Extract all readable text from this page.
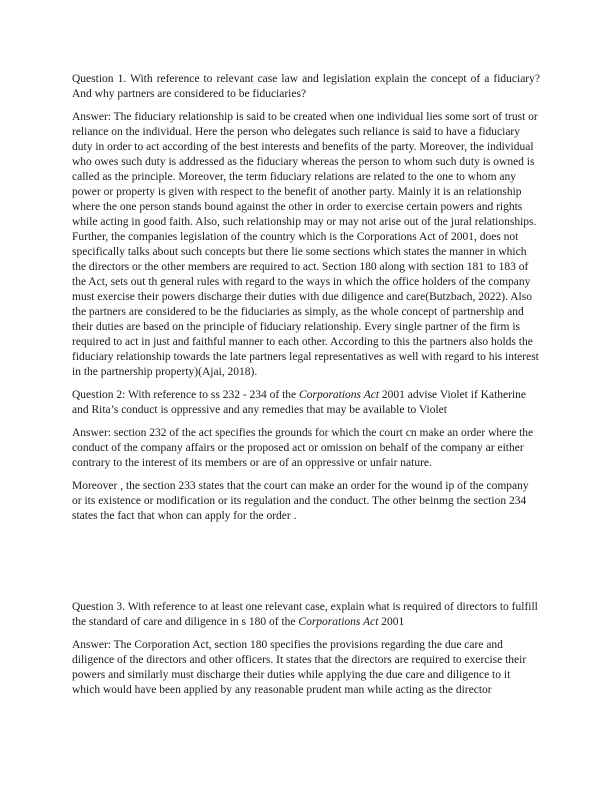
Question 1. With reference to relevant case law and legislation explain the concept of a fiduciary? And why partners are considered to be fiduciaries?

Answer: The fiduciary relationship is said to be created when one individual lies some sort of trust or reliance on the individual. Here the person who delegates such reliance is said to have a fiduciary duty in order to act according of the best interests and benefits of the party. Moreover, the individual who owes such duty is addressed as the fiduciary whereas the person to whom such duty is owned is called as the principle. Moreover, the term fiduciary relations are related to the one to whom any power or property is given with respect to the benefit of another party. Mainly it is an relationship where the one person stands bound against the other in order to exercise certain powers and rights while acting in good faith. Also, such relationship may or may not arise out of the jural relationships. Further, the companies legislation of the country which is the Corporations Act of 2001, does not specifically talks about such concepts but there lie some sections which states the manner in which the directors or the other members are required to act. Section 180 along with section 181 to 183 of the Act, sets out th general rules with regard to the ways in which the office holders of the company must exercise their powers discharge their duties with due diligence and care(Butzbach, 2022). Also the partners are considered to be the fiduciaries as simply, as the whole concept of partnership and their duties are based on the principle of fiduciary relationship. Every single partner of the firm is required to act in just and faithful manner to each other. According to this the partners also holds the fiduciary relationship towards the late partners legal representatives as well with regard to his interest in the partnership property)(Ajai, 2018).

Question 2: With reference to ss 232 - 234 of the Corporations Act 2001 advise Violet if Katherine and Rita’s conduct is oppressive and any remedies that may be available to Violet

Answer: section 232 of the act specifies the grounds for which the court cn make an order where the conduct of the company affairs or the proposed act or omission on behalf of the company ar either contrary to the interest of its members or are of an oppressive or unfair nature.

Moreover , the section 233 states that the court can make an order for the wound ip of the company or its existence or modification or its regulation and the conduct. The other beinmg the section 234 states the fact that whon can apply for the order .

Question 3. With reference to at least one relevant case, explain what is required of directors to fulfill the standard of care and diligence in s 180 of the Corporations Act 2001

Answer: The Corporation Act, section 180 specifies the provisions regarding the due care and diligence of the directors and other officers. It states that the directors are required to exercise their powers and similarly must discharge their duties while applying the due care and diligence to it which would have been applied by any reasonable prudent man while acting as the director
